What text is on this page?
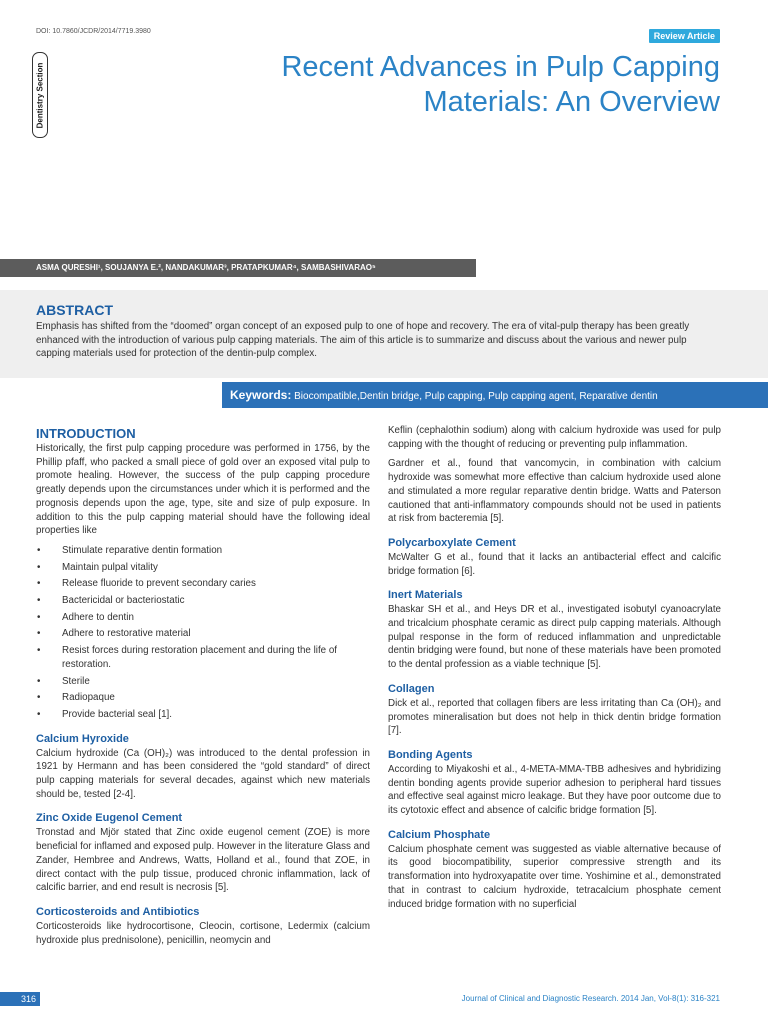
DOI: 10.7860/JCDR/2014/7719.3980	Review Article
Dentistry Section	Recent Advances in Pulp Capping Materials: An Overview
ASMA QURESHI¹, SOUJANYA E.², NANDAKUMAR³, PRATAPKUMAR⁴, SAMBASHIVARAO⁵
ABSTRACT

Emphasis has shifted from the “doomed” organ concept of an exposed pulp to one of hope and recovery. The era of vital-pulp therapy has been greatly enhanced with the introduction of various pulp capping materials. The aim of this article is to summarize and discuss about the various and newer pulp capping materials used for protection of the dentin-pulp complex.

Keywords: Biocompatible,Dentin bridge, Pulp capping, Pulp capping agent, Reparative dentin
INTRODUCTION

Historically, the first pulp capping procedure was performed in 1756, by the Phillip pfaff, who packed a small piece of gold over an exposed vital pulp to promote healing. However, the success of the pulp capping procedure greatly depends upon the circumstances under which it is performed and the prognosis depends upon the age, type, site and size of pulp exposure. In addition to this the pulp capping material should have the following ideal properties like

• Stimulate reparative dentin formation
• Maintain pulpal vitality
• Release fluoride to prevent secondary caries
• Bactericidal or bacteriostatic
• Adhere to dentin
• Adhere to restorative material
• Resist forces during restoration placement and during the life of restoration.
• Sterile
• Radiopaque
• Provide bacterial seal [1].
Calcium Hyroxide

Calcium hydroxide (Ca (OH)₂) was introduced to the dental profession in 1921 by Hermann and has been considered the “gold standard” of direct pulp capping materials for several decades, against which new materials should be, tested [2-4].

Zinc Oxide Eugenol Cement

Tronstad and Mjör stated that Zinc oxide eugenol cement (ZOE) is more beneficial for inflamed and exposed pulp. However in the literature Glass and Zander, Hembree and Andrews, Watts, Holland et al., found that ZOE, in direct contact with the pulp tissue, produced chronic inflammation, lack of calcific barrier, and end result is necrosis [5].

Corticosteroids and Antibiotics

Corticosteroids like hydrocortisone, Cleocin, cortisone, Ledermix (calcium hydroxide plus prednisolone), penicillin, neomycin and

Keflin (cephalothin sodium) along with calcium hydroxide was used for pulp capping with the thought of reducing or preventing pulp inflammation.

Gardner et al., found that vancomycin, in combination with calcium hydroxide was somewhat more effective than calcium hydroxide used alone and stimulated a more regular reparative dentin bridge. Watts and Paterson cautioned that anti-inflammatory compounds should not be used in patients at risk from bacteremia [5].

Polycarboxylate Cement

McWalter G et al., found that it lacks an antibacterial effect and calcific bridge formation [6].

Inert Materials

Bhaskar SH et al., and Heys DR et al., investigated isobutyl cyanoacrylate and tricalcium phosphate ceramic as direct pulp capping materials. Although pulpal response in the form of reduced inflammation and unpredictable dentin bridging were found, but none of these materials have been promoted to the dental profession as a viable technique [5].

Collagen

Dick et al., reported that collagen fibers are less irritating than Ca (OH)₂ and promotes mineralisation but does not help in thick dentin bridge formation [7].

Bonding Agents

According to Miyakoshi et al., 4-META-MMA-TBB adhesives and hybridizing dentin bonding agents provide superior adhesion to peripheral hard tissues and effective seal against micro leakage. But they have poor outcome due to its cytotoxic effect and absence of calcific bridge formation [5].

Calcium Phosphate

Calcium phosphate cement was suggested as viable alternative because of its good biocompatibility, superior compressive strength and its transformation into hydroxyapatite over time. Yoshimine et al., demonstrated that in contrast to calcium hydroxide, tetracalcium phosphate cement induced bridge formation with no superficial

316	Journal of Clinical and Diagnostic Research. 2014 Jan, Vol-8(1): 316-321
